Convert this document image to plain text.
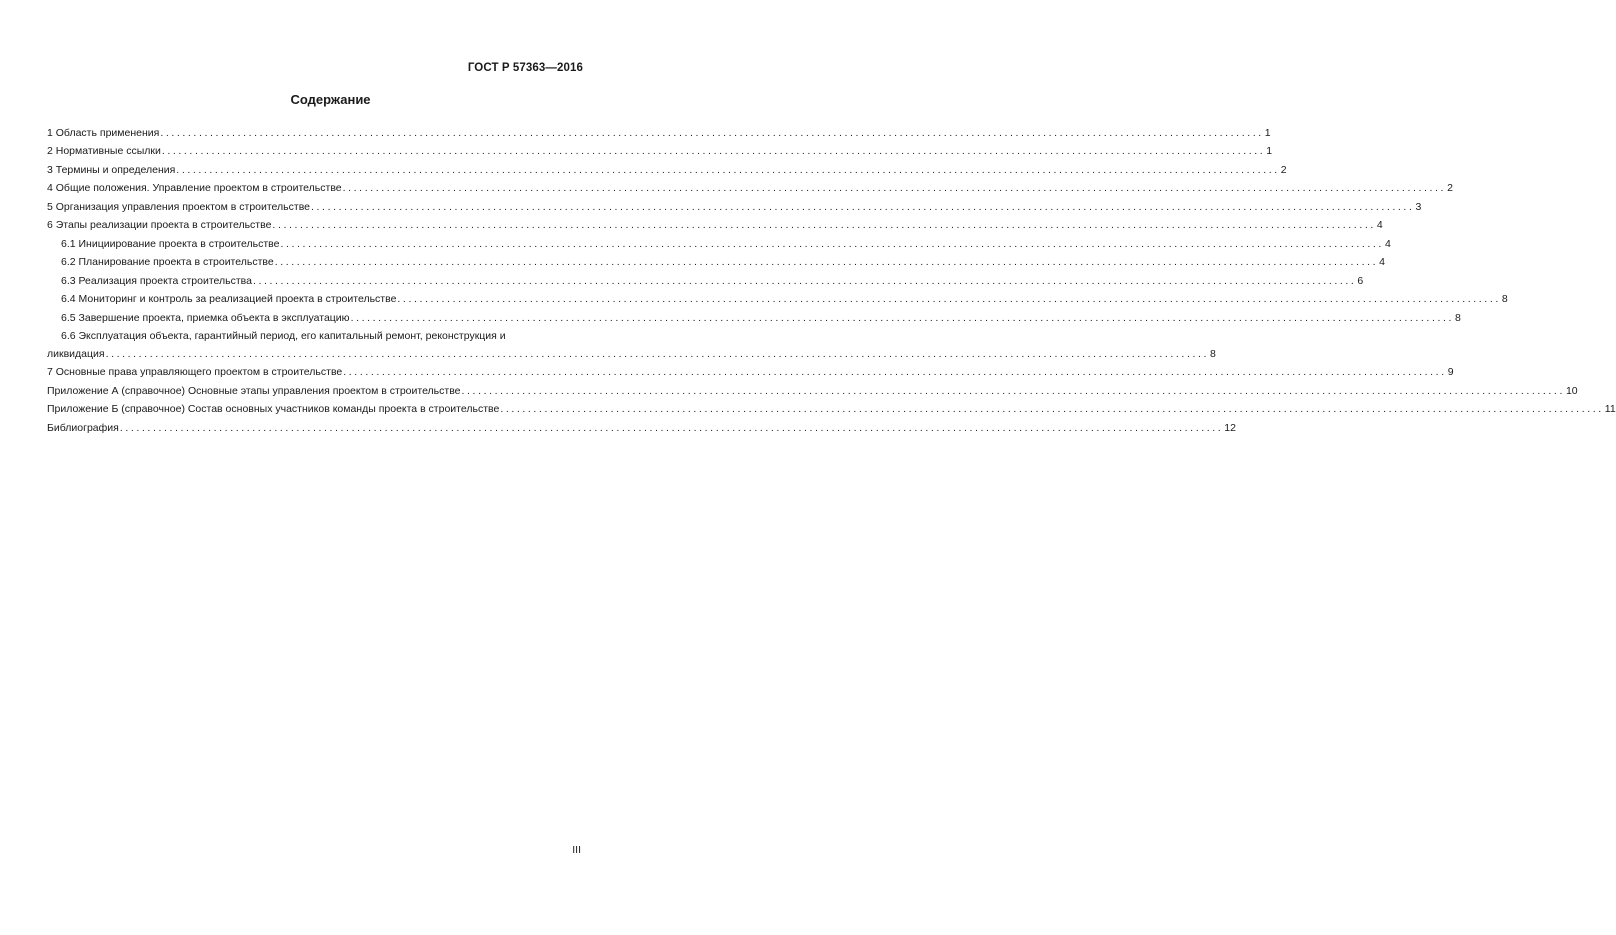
ГОСТ Р 57363—2016
Содержание
1 Область применения ........................................................................................................................................................................................................ 1
2 Нормативные ссылки ........................................................................................................................................................................................................ 1
3 Термины и определения ........................................................................................................................................................................................................ 2
4 Общие положения. Управление проектом в строительстве ........................................................................................................................................................................................................ 2
5 Организация управления проектом в строительстве ........................................................................................................................................................................................................ 3
6 Этапы реализации проекта в строительстве ........................................................................................................................................................................................................ 4
6.1 Инициирование проекта в строительстве ........................................................................................................................................................................................................ 4
6.2 Планирование проекта в строительстве ........................................................................................................................................................................................................ 4
6.3 Реализация проекта строительства ........................................................................................................................................................................................................ 6
6.4 Мониторинг и контроль за реализацией проекта в строительстве ........................................................................................................................................................................................................ 8
6.5 Завершение проекта, приемка объекта в эксплуатацию ........................................................................................................................................................................................................ 8
6.6 Эксплуатация объекта, гарантийный период, его капитальный ремонт, реконструкция и
ликвидация ........................................................................................................................................................................................................ 8
7 Основные права управляющего проектом в строительстве ........................................................................................................................................................................................................ 9
Приложение А (справочное) Основные этапы управления проектом в строительстве ........................................................................................................................................................................................................ 10
Приложение Б (справочное) Состав основных участников команды проекта в строительстве ........................................................................................................................................................................................................ 11
Библиография ........................................................................................................................................................................................................ 12
III
